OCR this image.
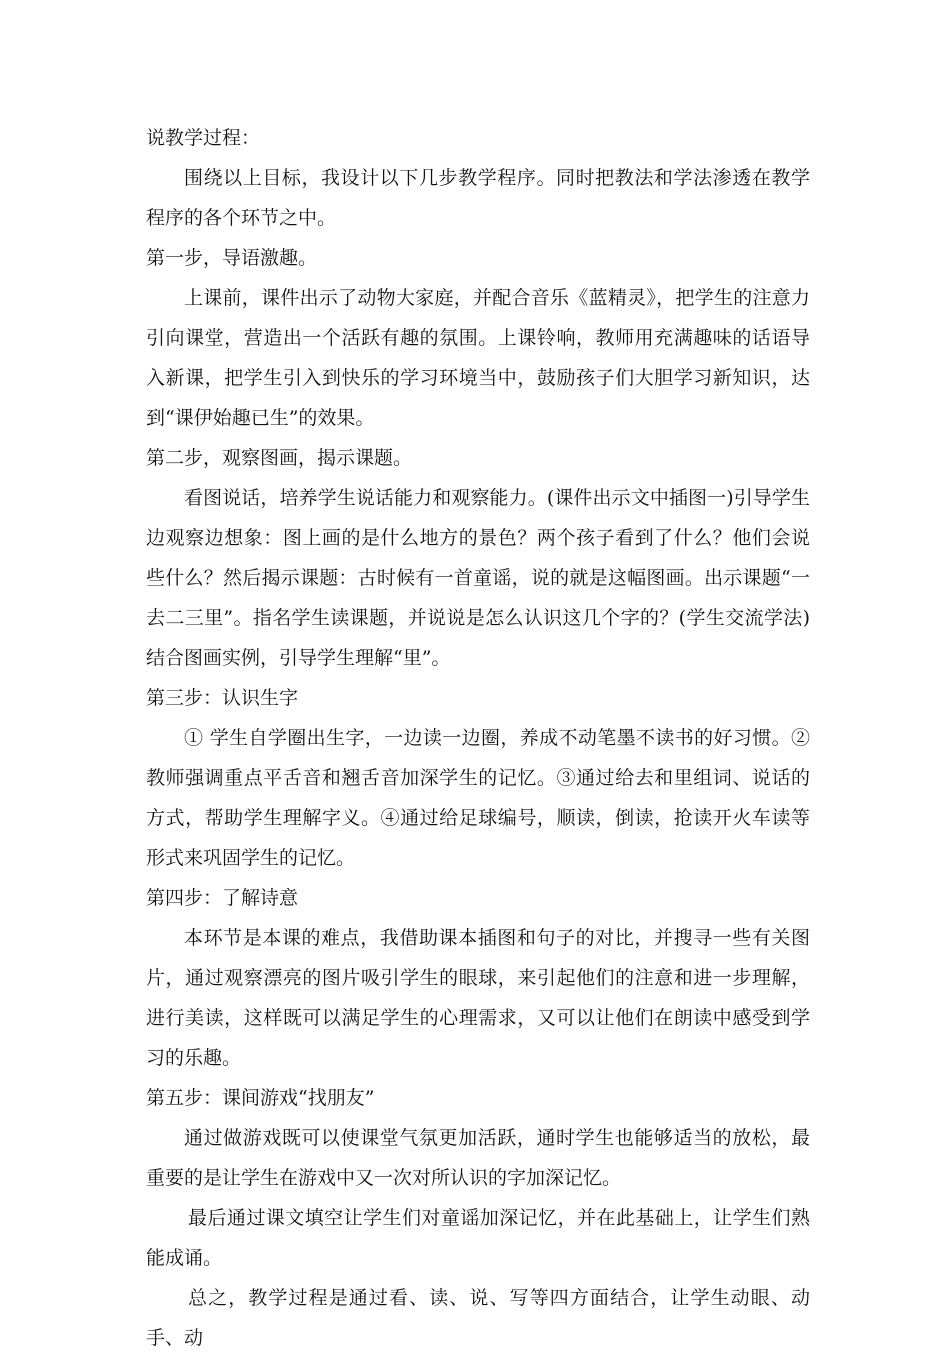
说教学过程：

围绕以上目标，我设计以下几步教学程序。同时把教法和学法渗透在教学程序的各个环节之中。

第一步，导语激趣。

上课前，课件出示了动物大家庭，并配合音乐《蓝精灵》，把学生的注意力引向课堂，营造出一个活跃有趣的氛围。上课铃响，教师用充满趣味的话语导入新课，把学生引入到快乐的学习环境当中，鼓励孩子们大胆学习新知识，达到“课伊始趣已生”的效果。

第二步，观察图画，揭示课题。

看图说话，培养学生说话能力和观察能力。(课件出示文中插图一)引导学生边观察边想象：图上画的是什么地方的景色？两个孩子看到了什么？他们会说些什么？然后揭示课题：古时候有一首童谣，说的就是这幅图画。出示课题“一去二三里”。指名学生读课题，并说说是怎么认识这几个字的？(学生交流学法)结合图画实例，引导学生理解“里”。

第三步：认识生字

① 学生自学圈出生字，一边读一边圈，养成不动笔墨不读书的好习惯。②教师强调重点平舌音和翘舌音加深学生的记忆。③通过给去和里组词、说话的方式，帮助学生理解字义。④通过给足球编号，顺读，倒读，抢读开火车读等形式来巩固学生的记忆。

第四步：了解诗意

本环节是本课的难点，我借助课本插图和句子的对比，并搜寻一些有关图片，通过观察漂亮的图片吸引学生的眼球，来引起他们的注意和进一步理解，进行美读，这样既可以满足学生的心理需求，又可以让他们在朗读中感受到学习的乐趣。

第五步：课间游戏“找朋友”

通过做游戏既可以使课堂气氛更加活跃，通时学生也能够适当的放松，最重要的是让学生在游戏中又一次对所认识的字加深记忆。

最后通过课文填空让学生们对童谣加深记忆，并在此基础上，让学生们熟能成诵。

总之，教学过程是通过看、读、说、写等四方面结合，让学生动眼、动手、动
